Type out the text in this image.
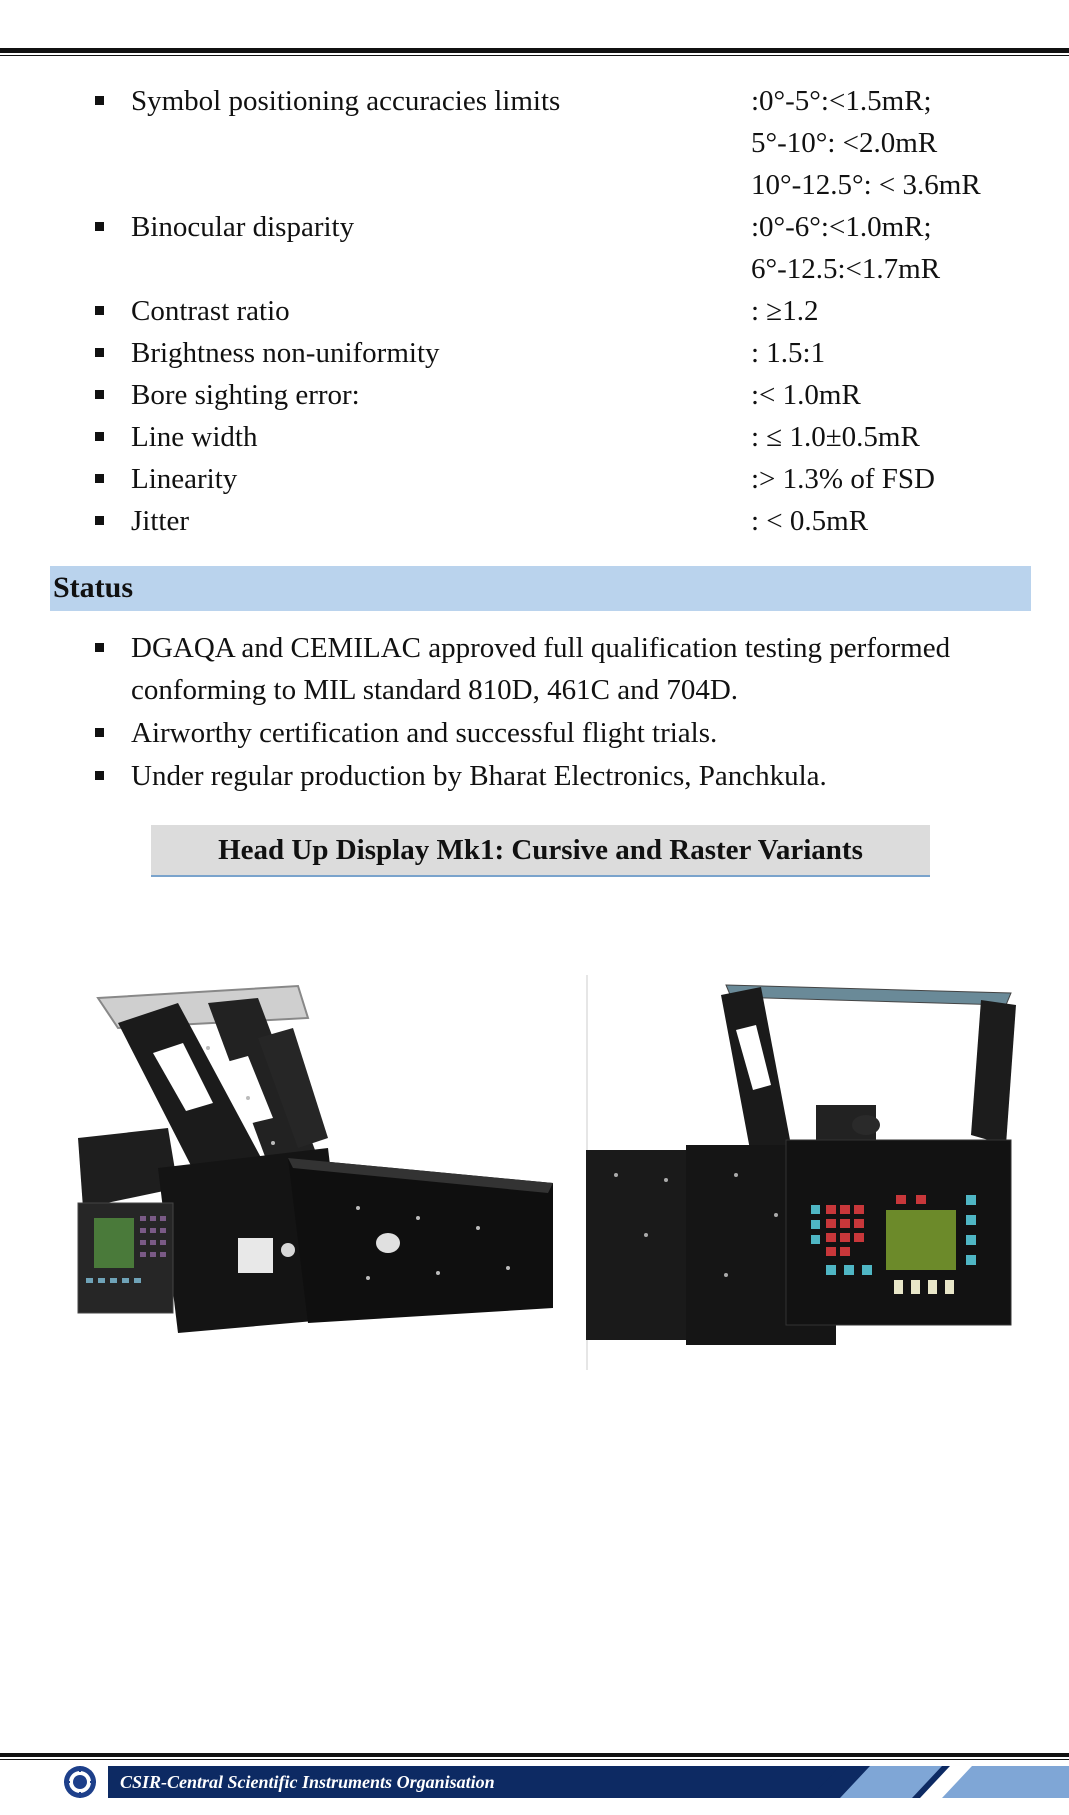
Symbol positioning accuracies limits	:0°-5°:<1.5mR;
5°-10°: <2.0mR
10°-12.5°: < 3.6mR
Binocular disparity	:0°-6°:<1.0mR;
6°-12.5:<1.7mR
Contrast ratio	: ≥1.2
Brightness non-uniformity	: 1.5:1
Bore sighting error:	:< 1.0mR
Line width	: ≤ 1.0±0.5mR
Linearity	:> 1.3% of FSD
Jitter	: < 0.5mR
Status
DGAQA and CEMILAC approved full qualification testing performed conforming to MIL standard 810D, 461C and 704D.
Airworthy certification and successful flight trials.
Under regular production by Bharat Electronics, Panchkula.
Head Up Display Mk1: Cursive and Raster Variants
CSIR-Central Scientific Instruments Organisation
